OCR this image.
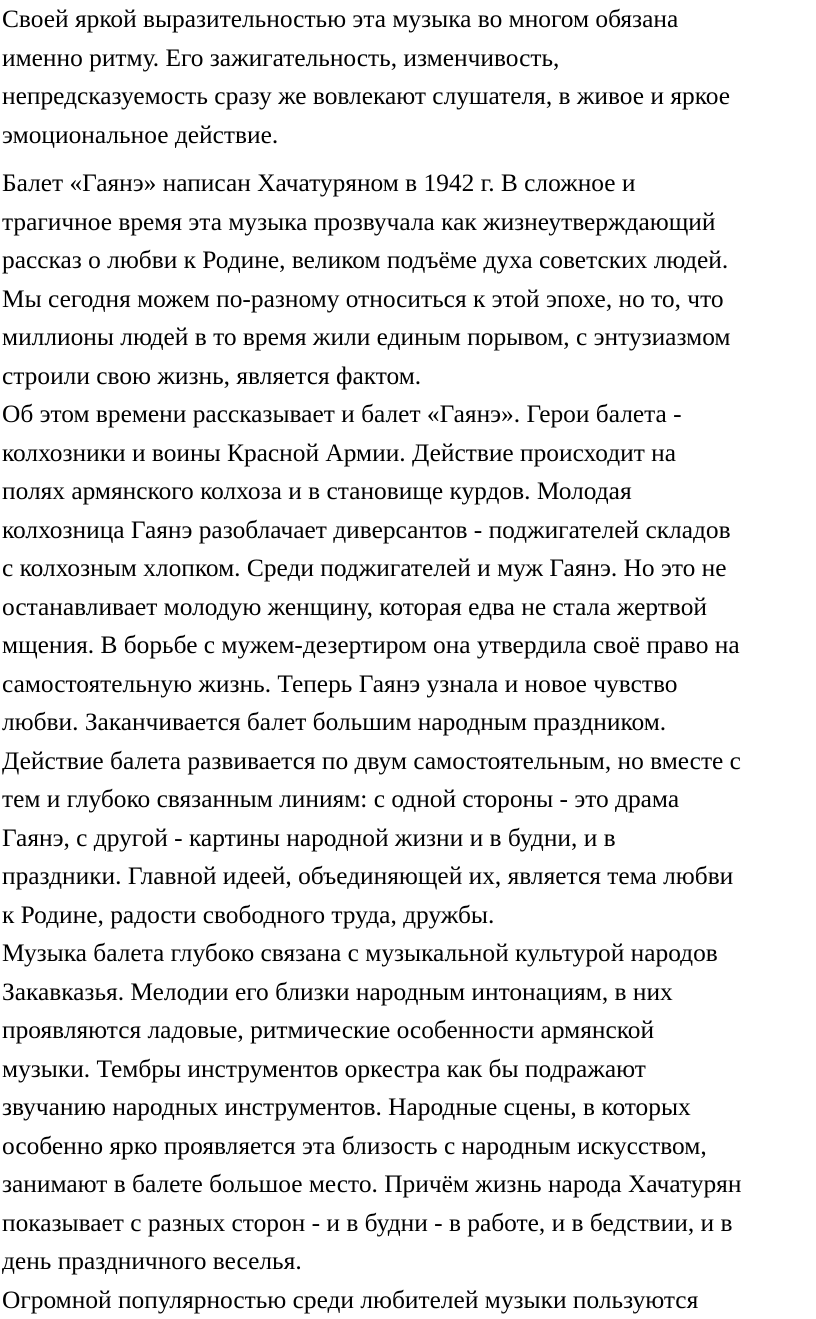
Своей яркой выразительностью эта музыка во многом обязана
именно ритму. Его зажигательность, изменчивость,
непредсказуемость сразу же вовлекают слушателя, в живое и яркое
эмоциональное действие.
Балет «Гаянэ» написан Хачатуряном в 1942 г. В сложное и
трагичное время эта музыка прозвучала как жизнеутверждающий
рассказ о любви к Родине, великом подъёме духа советских людей.
Мы сегодня можем по-разному относиться к этой эпохе, но то, что
миллионы людей в то время жили единым порывом, с энтузиазмом
строили свою жизнь, является фактом.
Об этом времени рассказывает и балет «Гаянэ». Герои балета -
колхозники и воины Красной Армии. Действие происходит на
полях армянского колхоза и в становище курдов. Молодая
колхозница Гаянэ разоблачает диверсантов - поджигателей складов
с колхозным хлопком. Среди поджигателей и муж Гаянэ. Но это не
останавливает молодую женщину, которая едва не стала жертвой
мщения. В борьбе с мужем-дезертиром она утвердила своё право на
самостоятельную жизнь. Теперь Гаянэ узнала и новое чувство
любви. Заканчивается балет большим народным праздником.
Действие балета развивается по двум самостоятельным, но вместе с
тем и глубоко связанным линиям: с одной стороны - это драма
Гаянэ, с другой - картины народной жизни и в будни, и в
праздники. Главной идеей, объединяющей их, является тема любви
к Родине, радости свободного труда, дружбы.
Музыка балета глубоко связана с музыкальной культурой народов
Закавказья. Мелодии его близки народным интонациям, в них
проявляются ладовые, ритмические особенности армянской
музыки. Тембры инструментов оркестра как бы подражают
звучанию народных инструментов. Народные сцены, в которых
особенно ярко проявляется эта близость с народным искусством,
занимают в балете большое место. Причём жизнь народа Хачатурян
показывает с разных сторон - и в будни - в работе, и в бедствии, и в
день праздничного веселья.
Огромной популярностью среди любителей музыки пользуются
